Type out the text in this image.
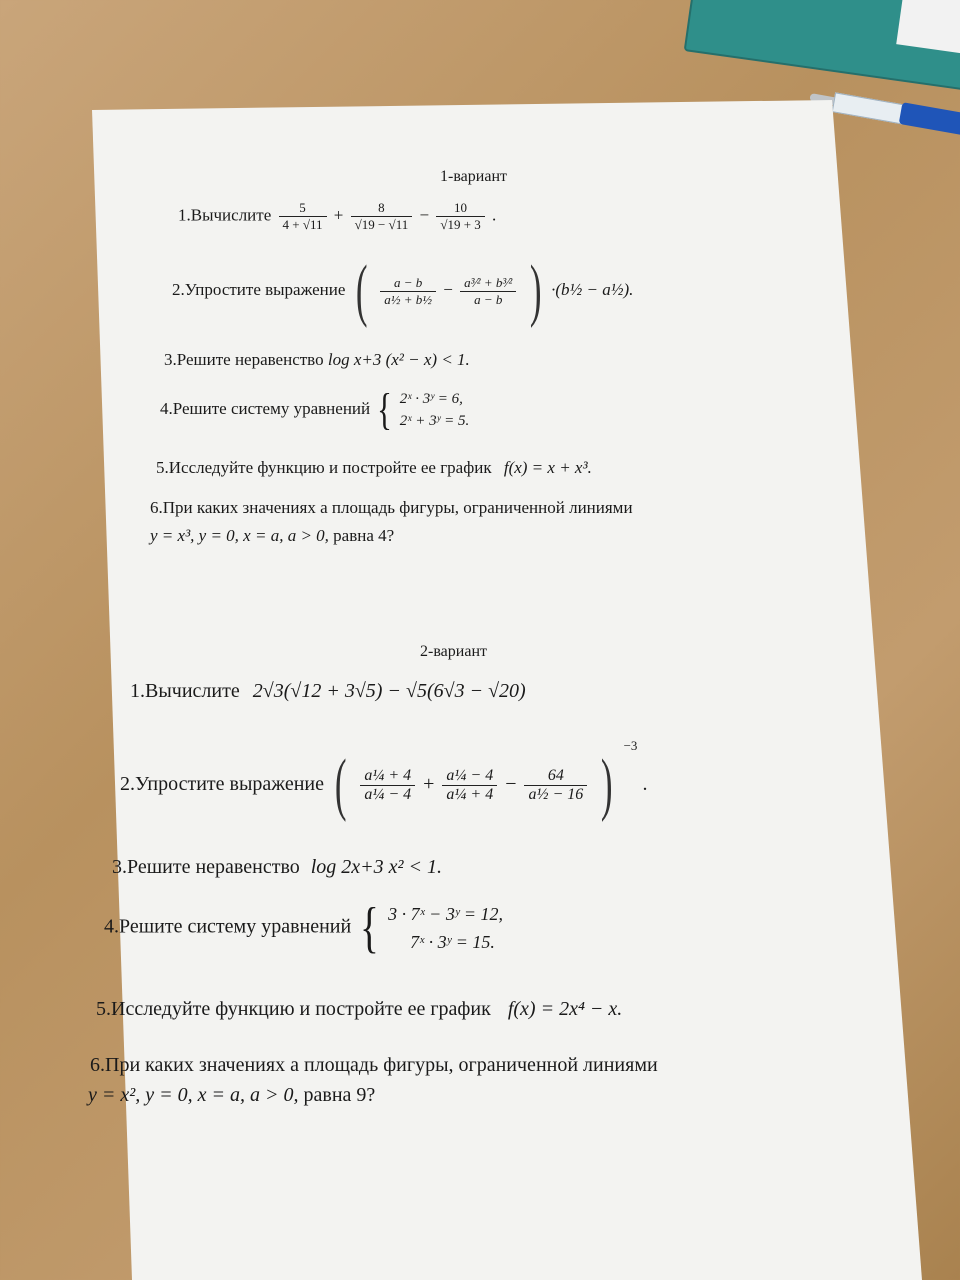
1-вариант
1.Вычислите $\frac{5}{4 + √11} + \frac{8}{√19 - √11} - \frac{10}{√19 + 3}$ .
2.Упростите выражение ( $\frac{a - b}{\text{a½ + b½}} - \frac{\text{a³⁄² + b³⁄²}}{a - b}$ ) ·(b½ − a½).
3.Решите неравенство log x+3 (x² − x) < 1.
4.Решите систему уравнений { 2ˣ · 3ʸ = 6,
2ˣ + 3ʸ = 5.
5.Исследуйте функцию и постройте ее график f(x) = x + x³.
6.При каких значениях a площадь фигуры, ограниченной линиями
y = x³, y = 0, x = a, a > 0, равна 4?
2-вариант
1.Вычислите 2√3(√12 + 3√5) − √5(6√3 − √20)
2.Упростите выражение ( $\frac{\text{a¼ + 4}}{\text{a¼ − 4}} + \frac{\text{a¼ − 4}}{\text{a¼ + 4}} - \frac{64}{\text{a½ − 16}}$ ) $^{-3}$ .
3.Решите неравенство log 2x+3 x² < 1.
4.Решите систему уравнений { 3 · 7ˣ − 3ʸ = 12,
7ˣ · 3ʸ = 15.
5.Исследуйте функцию и постройте ее график f(x) = 2x⁴ − x.
6.При каких значениях a площадь фигуры, ограниченной линиями
y = x², y = 0, x = a, a > 0, равна 9?
